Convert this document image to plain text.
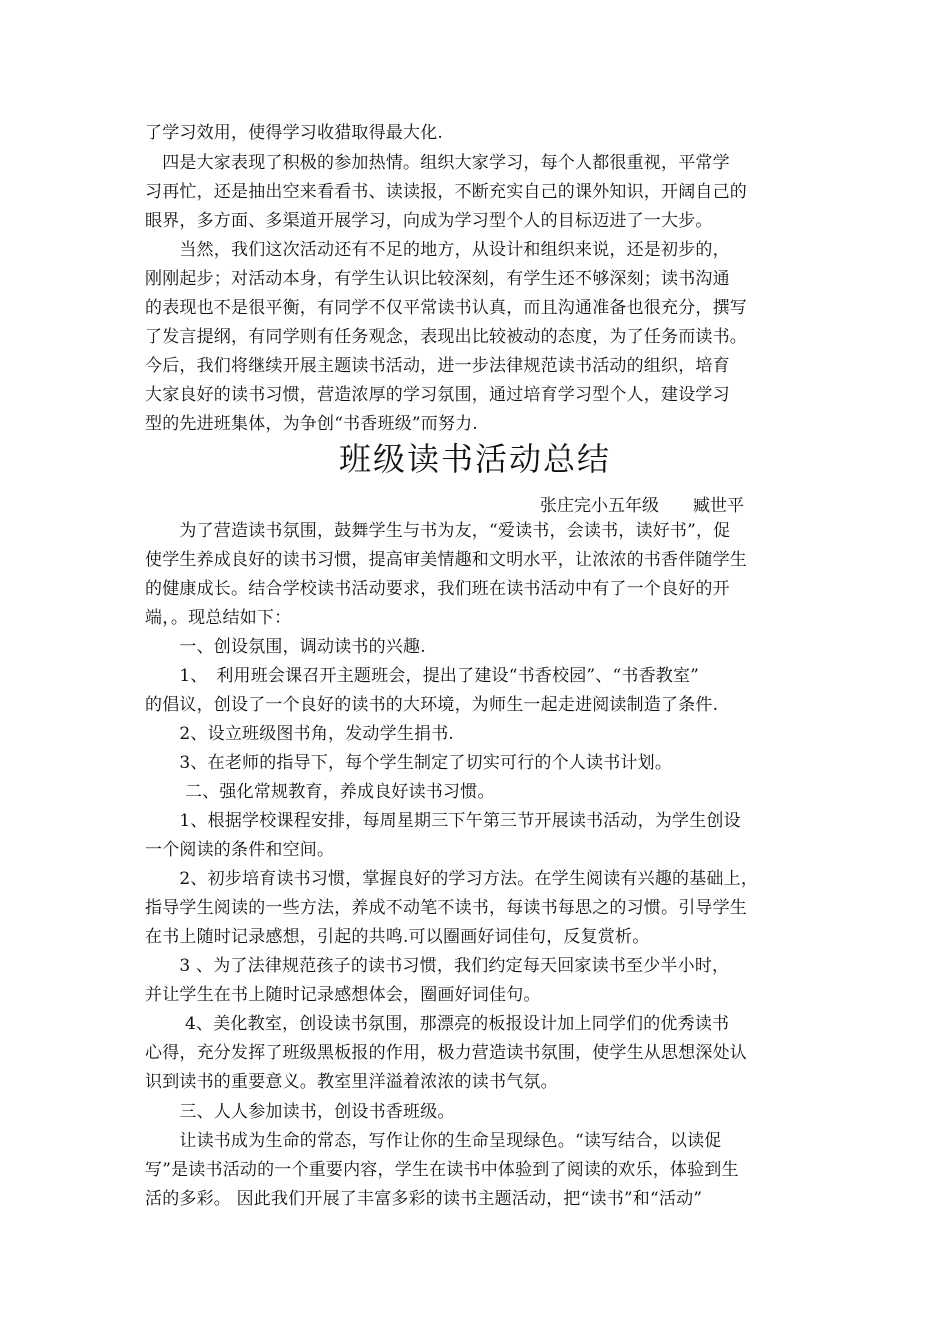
了学习效用，使得学习收猎取得最大化.
　四是大家表现了积极的参加热情。组织大家学习，每个人都很重视，平常学
习再忙，还是抽出空来看看书、读读报，不断充实自己的课外知识，开阔自己的
眼界，多方面、多渠道开展学习，向成为学习型个人的目标迈进了一大步。
　　当然，我们这次活动还有不足的地方，从设计和组织来说，还是初步的，
刚刚起步；对活动本身，有学生认识比较深刻，有学生还不够深刻；读书沟通
的表现也不是很平衡，有同学不仅平常读书认真，而且沟通准备也很充分，撰写
了发言提纲，有同学则有任务观念，表现出比较被动的态度，为了任务而读书。
今后，我们将继续开展主题读书活动，进一步法律规范读书活动的组织，培育
大家良好的读书习惯，营造浓厚的学习氛围，通过培育学习型个人，建设学习
型的先进班集体，为争创“书香班级”而努力.
班级读书活动总结
张庄完小五年级 臧世平
　　为了营造读书氛围，鼓舞学生与书为友，“爱读书，会读书，读好书”，促
使学生养成良好的读书习惯，提高审美情趣和文明水平，让浓浓的书香伴随学生
的健康成长。结合学校读书活动要求，我们班在读书活动中有了一个良好的开
端，。现总结如下：
　　一、创设氛围，调动读书的兴趣.
　　1、　利用班会课召开主题班会，提出了建设“书香校园”、“书香教室”
的倡议，创设了一个良好的读书的大环境，为师生一起走进阅读制造了条件.
　　2、设立班级图书角，发动学生捐书.
　　3、在老师的指导下，每个学生制定了切实可行的个人读书计划。
　　 二、强化常规教育，养成良好读书习惯。
　　1、根据学校课程安排，每周星期三下午第三节开展读书活动，为学生创设
一个阅读的条件和空间。
　　2、初步培育读书习惯，掌握良好的学习方法。在学生阅读有兴趣的基础上，
指导学生阅读的一些方法，养成不动笔不读书，每读书每思之的习惯。引导学生
在书上随时记录感想，引起的共鸣.可以圈画好词佳句，反复赏析。
　　3 、为了法律规范孩子的读书习惯，我们约定每天回家读书至少半小时，
并让学生在书上随时记录感想体会，圈画好词佳句。
　　 4、美化教室，创设读书氛围，那漂亮的板报设计加上同学们的优秀读书
心得，充分发挥了班级黑板报的作用，极力营造读书氛围，使学生从思想深处认
识到读书的重要意义。教室里洋溢着浓浓的读书气氛。
　　三、人人参加读书，创设书香班级。
　　让读书成为生命的常态，写作让你的生命呈现绿色。“读写结合，以读促
写”是读书活动的一个重要内容，学生在读书中体验到了阅读的欢乐，体验到生
活的多彩。 因此我们开展了丰富多彩的读书主题活动，把“读书”和“活动”
